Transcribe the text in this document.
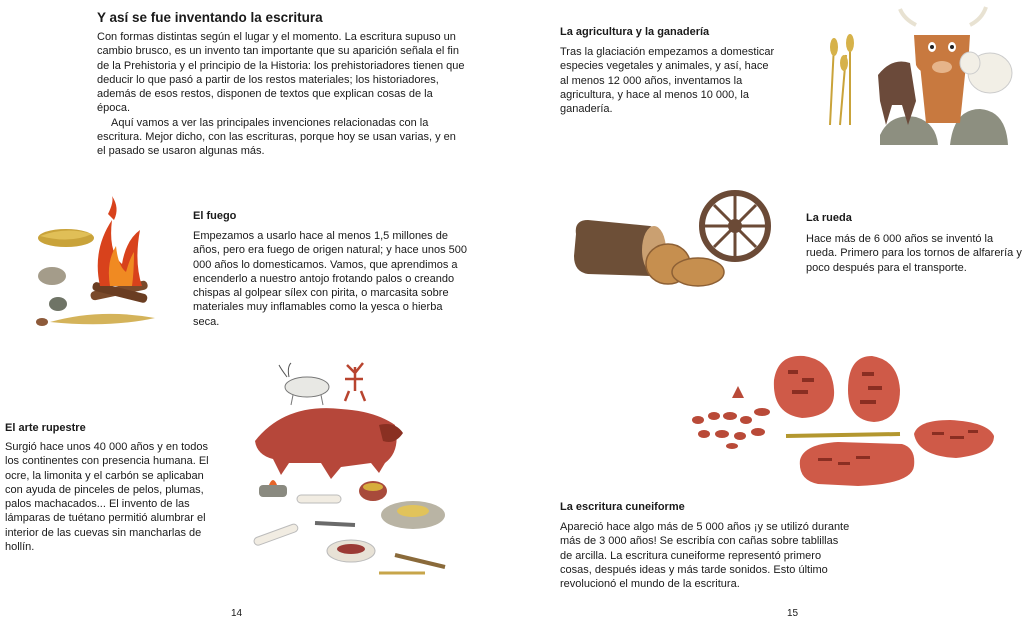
Y así se fue inventando la escritura

Con formas distintas según el lugar y el momento. La escritura supuso un cambio brusco, es un invento tan importante que su aparición señala el fin de la Prehistoria y el principio de la Historia: los prehistoriadores tienen que deducir lo que pasó a partir de los restos materiales; los historiadores, además de esos restos, disponen de textos que explican cosas de la época.

Aquí vamos a ver las principales invenciones relacionadas con la escritura. Mejor dicho, con las escrituras, porque hoy se usan varias, y en el pasado se usaron algunas más.

El fuego
Empezamos a usarlo hace al menos 1,5 millones de años, pero era fuego de origen natural; y hace unos 500 000 años lo domesticamos. Vamos, que aprendimos a encenderlo a nuestro antojo frotando palos o creando chispas al golpear sílex con pirita, o marcasita sobre materiales muy inflamables como la yesca o hierba seca.
El arte rupestre
Surgió hace unos 40 000 años y en todos los continentes con presencia humana. El ocre, la limonita y el carbón se aplicaban con ayuda de pinceles de pelos, plumas, palos machacados... El invento de las lámparas de tuétano permitió alumbrar el interior de las cuevas sin mancharlas de hollín.
14
La agricultura y la ganadería
Tras la glaciación empezamos a domesticar especies vegetales y animales, y así, hace al menos 12 000 años, inventamos la agricultura, y hace al menos 10 000, la ganadería.
La rueda
Hace más de 6 000 años se inventó la rueda. Primero para los tornos de alfarería y poco después para el transporte.
La escritura cuneiforme
Apareció hace algo más de 5 000 años ¡y se utilizó durante más de 3 000 años! Se escribía con cañas sobre tablillas de arcilla. La escritura cuneiforme representó primero cosas, después ideas y más tarde sonidos. Esto último revolucionó el mundo de la escritura.
15
